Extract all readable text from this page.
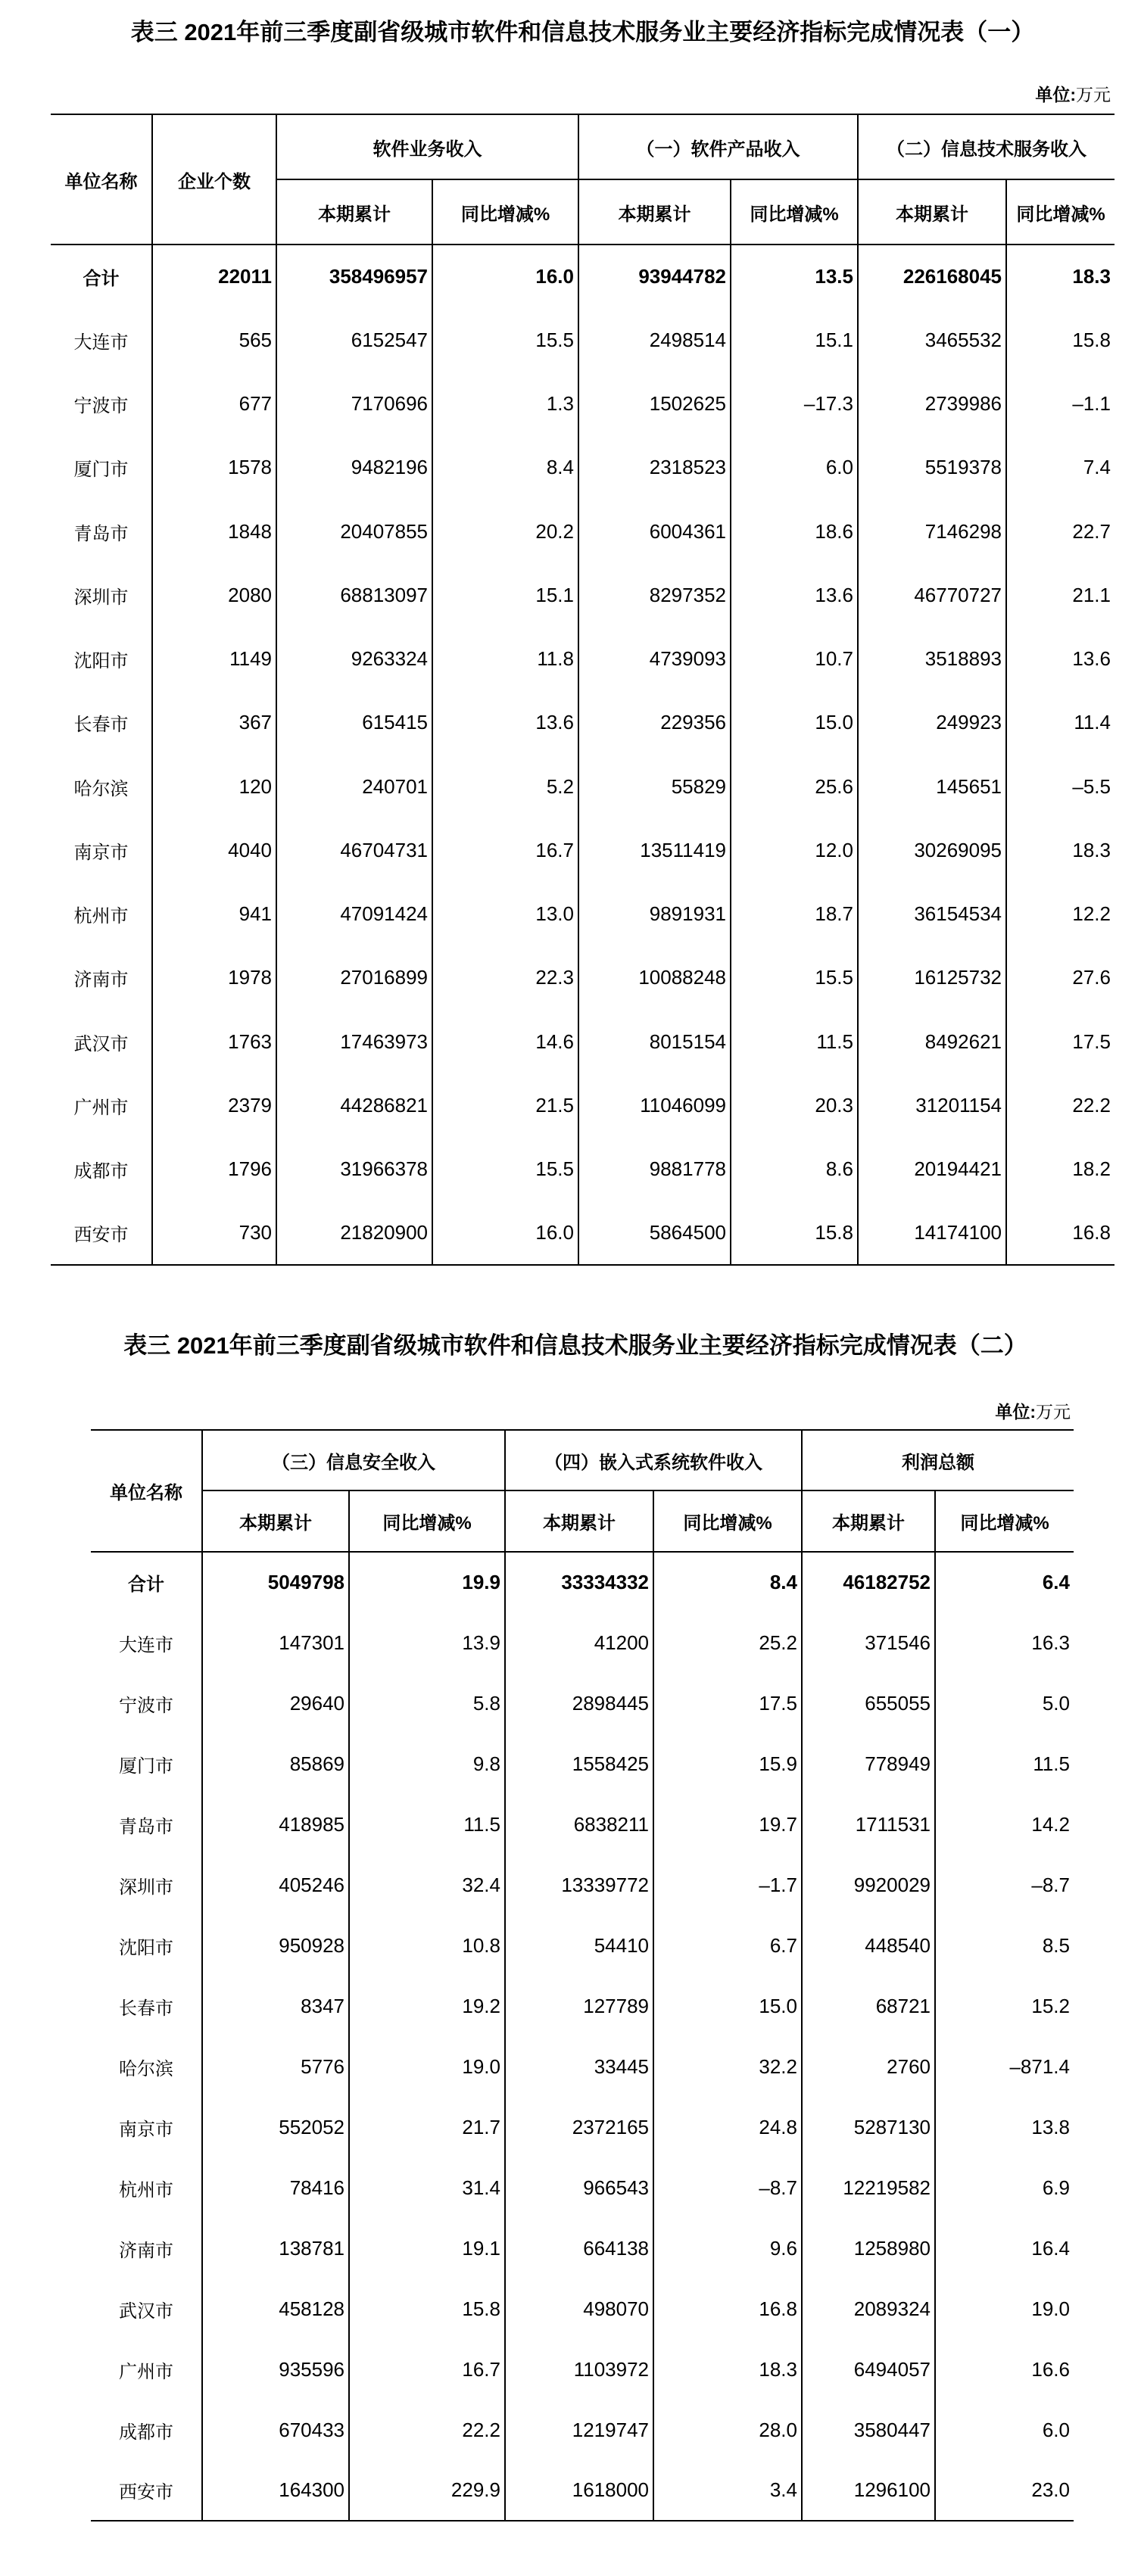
表三 2021年前三季度副省级城市软件和信息技术服务业主要经济指标完成情况表（一）
单位:万元
单位名称	企业个数	软件业务收入		（一）软件产品收入		（二）信息技术服务收入	
		本期累计	同比增减%	本期累计	同比增减%	本期累计	同比增减%
合计	22011	358496957	16.0	93944782	13.5	226168045	18.3
大连市	565	6152547	15.5	2498514	15.1	3465532	15.8
宁波市	677	7170696	1.3	1502625	–17.3	2739986	–1.1
厦门市	1578	9482196	8.4	2318523	6.0	5519378	7.4
青岛市	1848	20407855	20.2	6004361	18.6	7146298	22.7
深圳市	2080	68813097	15.1	8297352	13.6	46770727	21.1
沈阳市	1149	9263324	11.8	4739093	10.7	3518893	13.6
长春市	367	615415	13.6	229356	15.0	249923	11.4
哈尔滨	120	240701	5.2	55829	25.6	145651	–5.5
南京市	4040	46704731	16.7	13511419	12.0	30269095	18.3
杭州市	941	47091424	13.0	9891931	18.7	36154534	12.2
济南市	1978	27016899	22.3	10088248	15.5	16125732	27.6
武汉市	1763	17463973	14.6	8015154	11.5	8492621	17.5
广州市	2379	44286821	21.5	11046099	20.3	31201154	22.2
成都市	1796	31966378	15.5	9881778	8.6	20194421	18.2
西安市	730	21820900	16.0	5864500	15.8	14174100	16.8
表三 2021年前三季度副省级城市软件和信息技术服务业主要经济指标完成情况表（二）
单位:万元
单位名称	（三）信息安全收入		（四）嵌入式系统软件收入		利润总额	
	本期累计	同比增减%	本期累计	同比增减%	本期累计	同比增减%
合计	5049798	19.9	33334332	8.4	46182752	6.4
大连市	147301	13.9	41200	25.2	371546	16.3
宁波市	29640	5.8	2898445	17.5	655055	5.0
厦门市	85869	9.8	1558425	15.9	778949	11.5
青岛市	418985	11.5	6838211	19.7	1711531	14.2
深圳市	405246	32.4	13339772	–1.7	9920029	–8.7
沈阳市	950928	10.8	54410	6.7	448540	8.5
长春市	8347	19.2	127789	15.0	68721	15.2
哈尔滨	5776	19.0	33445	32.2	2760	–871.4
南京市	552052	21.7	2372165	24.8	5287130	13.8
杭州市	78416	31.4	966543	–8.7	12219582	6.9
济南市	138781	19.1	664138	9.6	1258980	16.4
武汉市	458128	15.8	498070	16.8	2089324	19.0
广州市	935596	16.7	1103972	18.3	6494057	16.6
成都市	670433	22.2	1219747	28.0	3580447	6.0
西安市	164300	229.9	1618000	3.4	1296100	23.0
